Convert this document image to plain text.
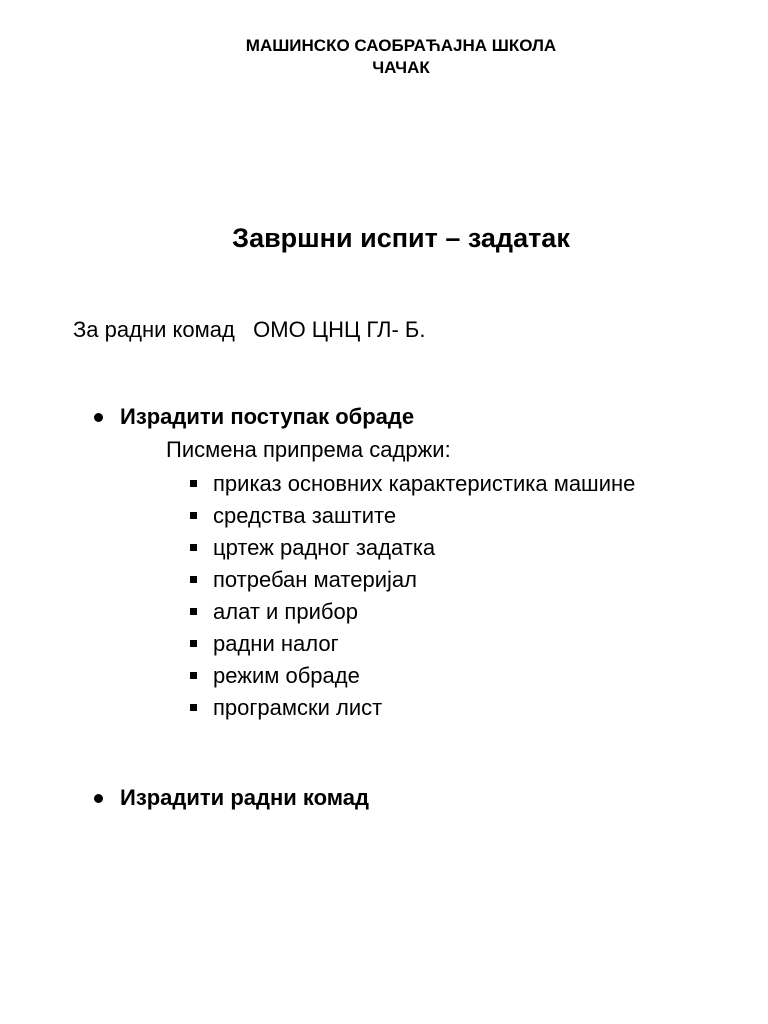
МАШИНСКО САОБРАЋАЈНА ШКОЛА
ЧАЧАК
Завршни испит – задатак
За радни комад   ОМО ЦНЦ ГЛ- Б.
Израдити поступак обраде
Писмена припрема садржи:
приказ основних карактеристика машине
средства заштите
цртеж радног задатка
потребан материјал
алат и прибор
радни налог
режим обраде
програмски лист
Израдити радни комад
